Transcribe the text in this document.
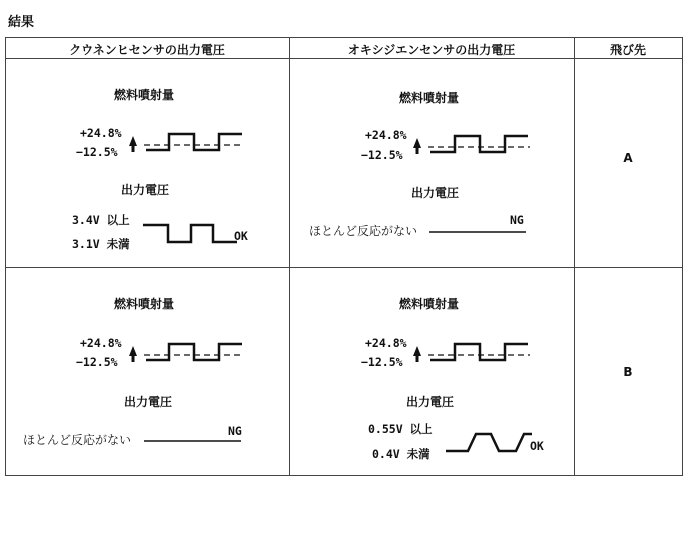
結果
クウネンヒセンサの出力電圧	オキシジエンセンサの出力電圧	飛び先
燃料噴射量
+24.8%
−12.5%
出力電圧
3.4V 以上
3.1V 未満
OK
燃料噴射量
+24.8%
−12.5%
出力電圧
ほとんど反応がない
NG
A
燃料噴射量
+24.8%
−12.5%
出力電圧
ほとんど反応がない
NG
燃料噴射量
+24.8%
−12.5%
出力電圧
0.55V 以上
0.4V 未満
OK
B
